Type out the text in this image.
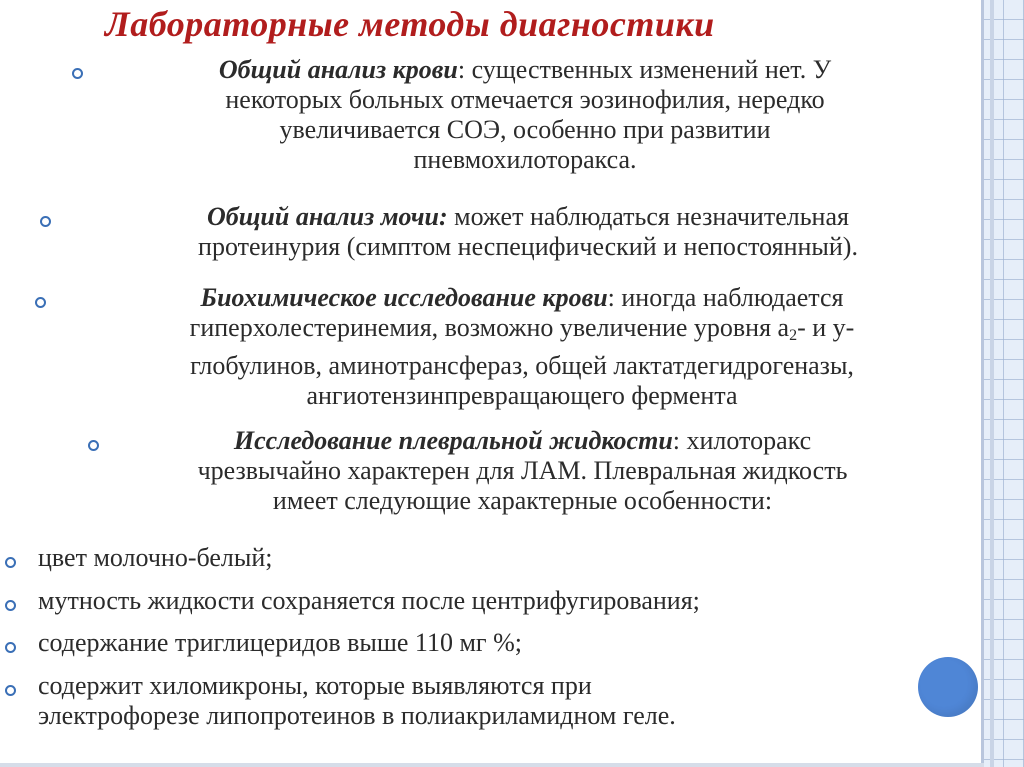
Лабораторные методы диагностики
Общий анализ крови: существенных изменений нет. У
некоторых больных отмечается эозинофилия, нередко
увеличивается СОЭ, особенно при развитии
пневмохилоторакса.
Общий анализ мочи: может наблюдаться незначительная
протеинурия (симптом неспецифический и непостоянный).
Биохимическое исследование крови: иногда наблюдается
гиперхолестеринемия, возможно увеличение уровня $а_2-$ и у-
глобулинов, аминотрансфераз, общей лактатдегидрогеназы,
ангиотензинпревращающего фермента
Исследование плевральной жидкости: хилоторакс
чрезвычайно характерен для ЛАМ. Плевральная жидкость
имеет следующие характерные особенности:
цвет молочно-белый;
мутность жидкости сохраняется после центрифугирования;
содержание триглицеридов выше 110 мг %;
содержит хиломикроны, которые выявляются при
электрофорезе липопротеинов в полиакриламидном геле.
